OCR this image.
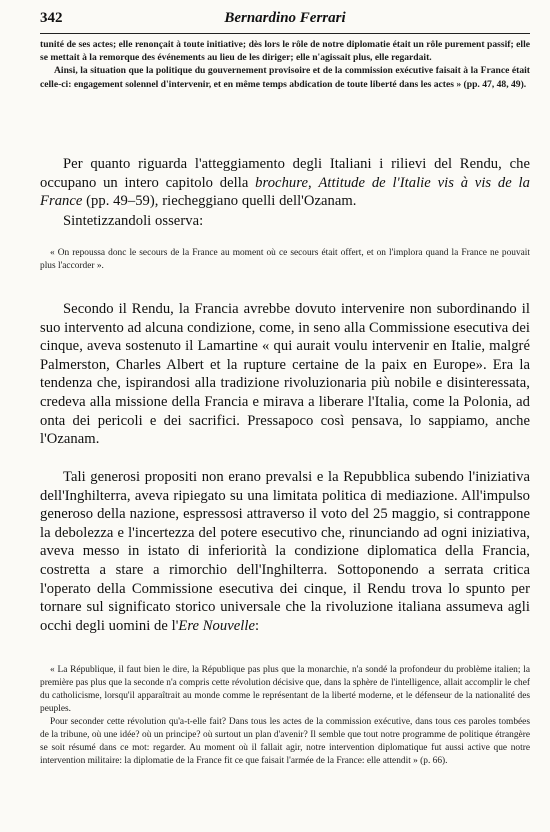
342	Bernardino Ferrari

tunité de ses actes; elle renonçait à toute initiative; dès lors le rôle de notre diplomatie était un rôle purement passif; elle se mettait à la remorque des événements au lieu de les diriger; elle n'agissait plus, elle regardait.

Ainsi, la situation que la politique du gouvernement provisoire et de la commission exécutive faisait à la France était celle-ci: engagement solennel d'intervenir, et en même temps abdication de toute liberté dans les actes » (pp. 47, 48, 49).

Per quanto riguarda l'atteggiamento degli Italiani i rilievi del Rendu, che occupano un intero capitolo della brochure, Attitude de l'Italie vis à vis de la France (pp. 49–59), riecheggiano quelli dell'Ozanam.

Sintetizzandoli osserva:

« On repoussa donc le secours de la France au moment où ce secours était offert, et on l'implora quand la France ne pouvait plus l'accorder ».

Secondo il Rendu, la Francia avrebbe dovuto intervenire non subordinando il suo intervento ad alcuna condizione, come, in seno alla Commissione esecutiva dei cinque, aveva sostenuto il Lamartine « qui aurait voulu intervenir en Italie, malgré Palmerston, Charles Albert et la rupture certaine de la paix en Europe». Era la tendenza che, ispirandosi alla tradizione rivoluzionaria più nobile e disinteressata, credeva alla missione della Francia e mirava a liberare l'Italia, come la Polonia, ad onta dei pericoli e dei sacrifici. Pressapoco così pensava, lo sappiamo, anche l'Ozanam.

Tali generosi propositi non erano prevalsi e la Repubblica subendo l'iniziativa dell'Inghilterra, aveva ripiegato su una limitata politica di mediazione. All'impulso generoso della nazione, espressosi attraverso il voto del 25 maggio, si contrappone la debolezza e l'incertezza del potere esecutivo che, rinunciando ad ogni iniziativa, aveva messo in istato di inferiorità la condizione diplomatica della Francia, costretta a stare a rimorchio dell'Inghilterra. Sottoponendo a serrata critica l'operato della Commissione esecutiva dei cinque, il Rendu trova lo spunto per tornare sul significato storico universale che la rivoluzione italiana assumeva agli occhi degli uomini de l'Ere Nouvelle:

« La République, il faut bien le dire, la République pas plus que la monarchie, n'a sondé la profondeur du problème italien; la première pas plus que la seconde n'a compris cette révolution décisive que, dans la sphère de l'intelligence, allait accomplir le chef du catholicisme, lorsqu'il apparaîtrait au monde comme le représentant de la liberté moderne, et le défenseur de la nationalité des peuples.

Pour seconder cette révolution qu'a-t-elle fait? Dans tous les actes de la commission exécutive, dans tous ces paroles tombées de la tribune, où une idée? où un principe? où surtout un plan d'avenir? Il semble que tout notre programme de politique étrangère se soit résumé dans ce mot: regarder. Au moment où il fallait agir, notre intervention diplomatique fut aussi active que notre intervention militaire: la diplomatie de la France fit ce que faisait l'armée de la France: elle attendit » (p. 66).
